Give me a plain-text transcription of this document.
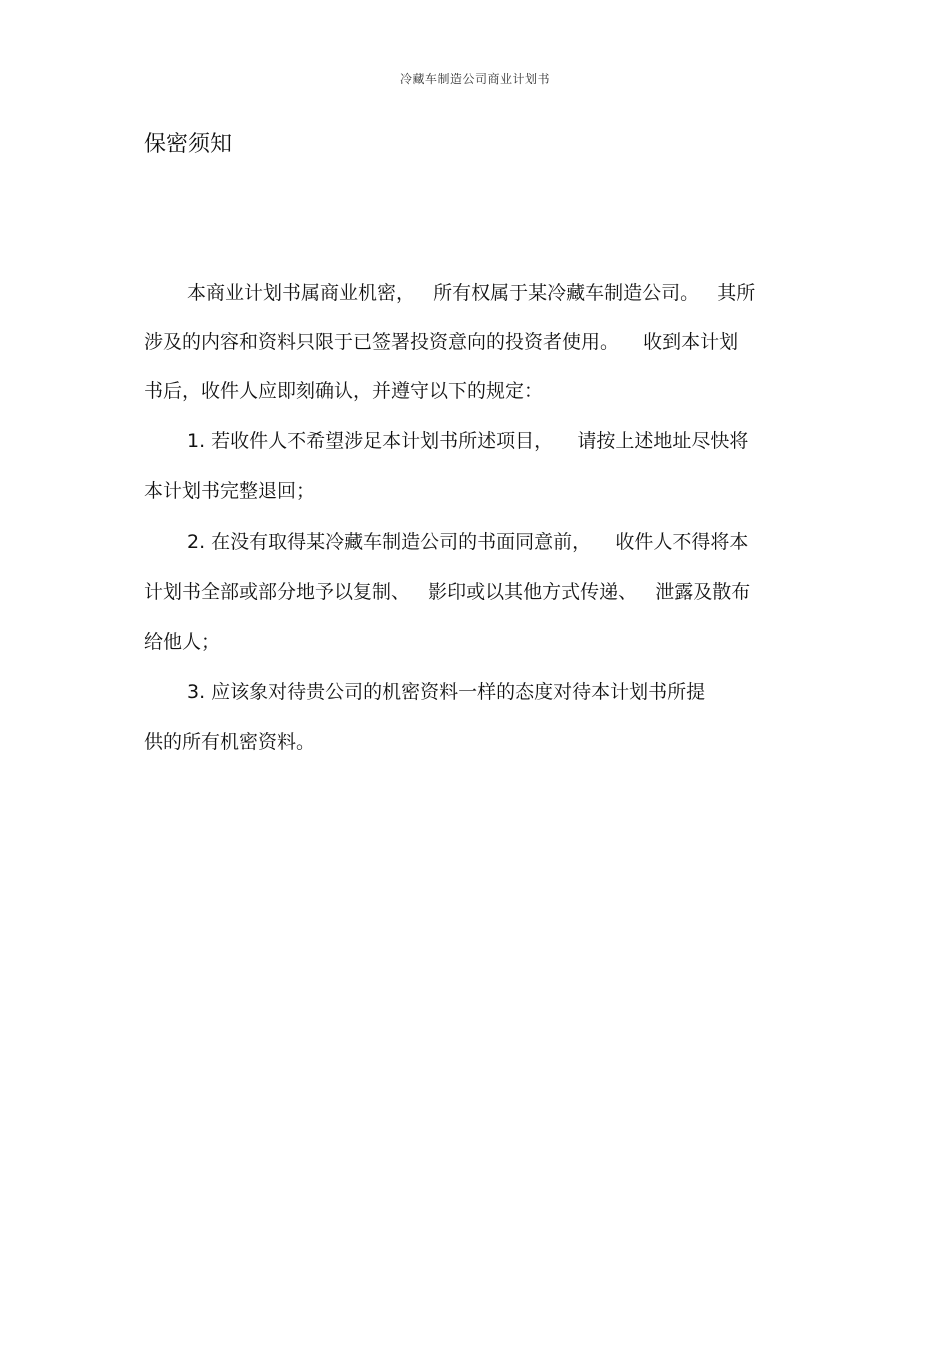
冷藏车制造公司商业计划书
保密须知
本商业计划书属商业机密，   所有权属于某冷藏车制造公司。   其所
涉及的内容和资料只限于已签署投资意向的投资者使用。    收到本计划
书后，收件人应即刻确认，并遵守以下的规定：
1. 若收件人不希望涉足本计划书所述项目，    请按上述地址尽快将
本计划书完整退回；
2. 在没有取得某冷藏车制造公司的书面同意前，    收件人不得将本
计划书全部或部分地予以复制、   影印或以其他方式传递、   泄露及散布
给他人；
3. 应该象对待贵公司的机密资料一样的态度对待本计划书所提
供的所有机密资料。
